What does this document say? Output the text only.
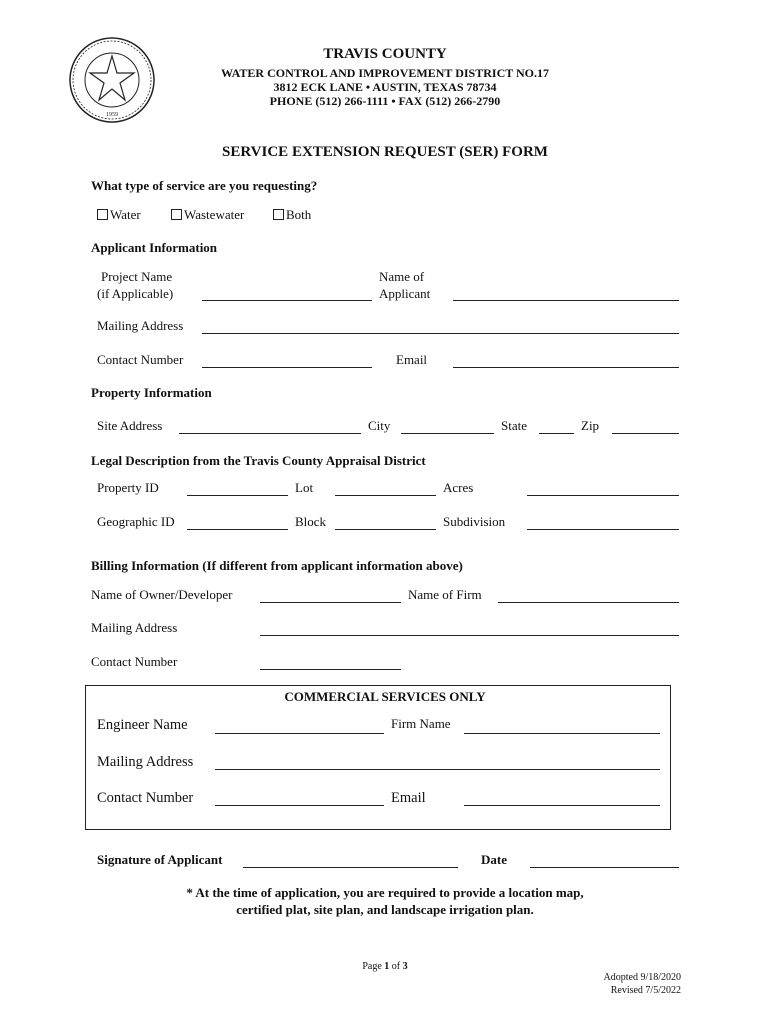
1959
TRAVIS COUNTY
WATER CONTROL AND IMPROVEMENT DISTRICT NO.17
3812 ECK LANE • AUSTIN, TEXAS 78734
PHONE (512) 266-1111 • FAX (512) 266-2790
SERVICE EXTENSION REQUEST (SER) FORM
What type of service are you requesting?
Water	Wastewater	Both
Applicant Information
Project Name
(if Applicable)
Name of
Applicant
Mailing Address
Contact Number	Email
Property Information
Site Address	City	State	Zip
Legal Description from the Travis County Appraisal District
Property ID	Lot	Acres
Geographic ID	Block	Subdivision
Billing Information (If different from applicant information above)
Name of Owner/Developer	Name of Firm
Mailing Address
Contact Number
COMMERCIAL SERVICES ONLY
Engineer Name	Firm Name
Mailing Address
Contact Number	Email
Signature of Applicant	Date
* At the time of application, you are required to provide a location map,
certified plat, site plan, and landscape irrigation plan.
Page 1 of 3
Adopted 9/18/2020
Revised 7/5/2022
